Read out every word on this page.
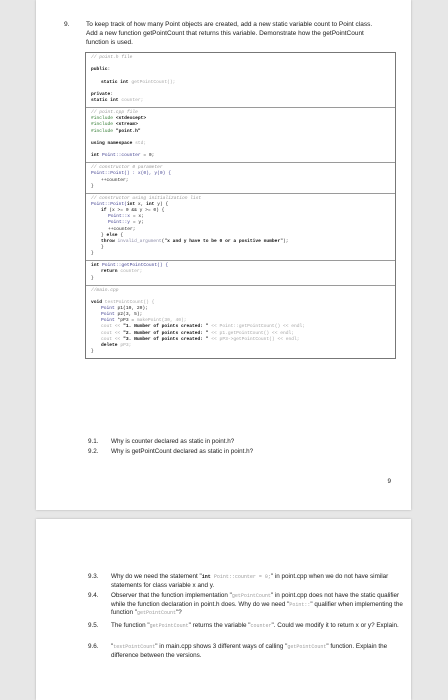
9.	To keep track of how many Point objects are created, add a new static variable count to Point class. Add a new function getPointCount that returns this variable. Demonstrate how the getPointCount function is used.
// point.h file
public:
static int getPointCount();
private:
static int counter;
// point.cpp file
#include <stdexcept>
#include <stream>
#include "point.h"
using namespace std;
int Point::counter = 0;
// constructor 0 parameter
Point::Point() : x(0), y(0) {
++counter;
}
// constructor using initialization list
Point::Point(int x, int y) {
if (x >= 0 && y >= 0) {
Point::x = x;
Point::y = y;
++counter;
} else {
throw invalid_argument("x and y have to be 0 or a positive number");
}
}
int Point::getPointCount() {
return counter;
}
//main.cpp
void testPointCount() {
Point p1(10, 20);
Point p2(3, 5);
Point *pP3 = makePoint(30, 40);
cout << "1. Number of points created: " << Point::getPointCount() << endl;
cout << "2. Number of points created: " << p1.getPointCount() << endl;
cout << "3. Number of points created: " << pP3->getPointCount() << endl;
delete pP3;
}
9.1. Why is counter declared as static in point.h?
9.2. Why is getPointCount declared as static in point.h?
9
9.3. Why do we need the statement "int Point::counter = 0;" in point.cpp when we do not have similar statements for class variable x and y.
9.4. Observer that the function implementation "getPointCount" in point.cpp does not have the static qualifier while the function declaration in point.h does. Why do we need "Point::" qualifier when implementing the function "getPointCount"?
9.5. The function "getPointCount" returns the variable "counter". Could we modify it to return x or y? Explain.
9.6. "testPointCount" in main.cpp shows 3 different ways of calling "getPointCount" function. Explain the difference between the versions.
